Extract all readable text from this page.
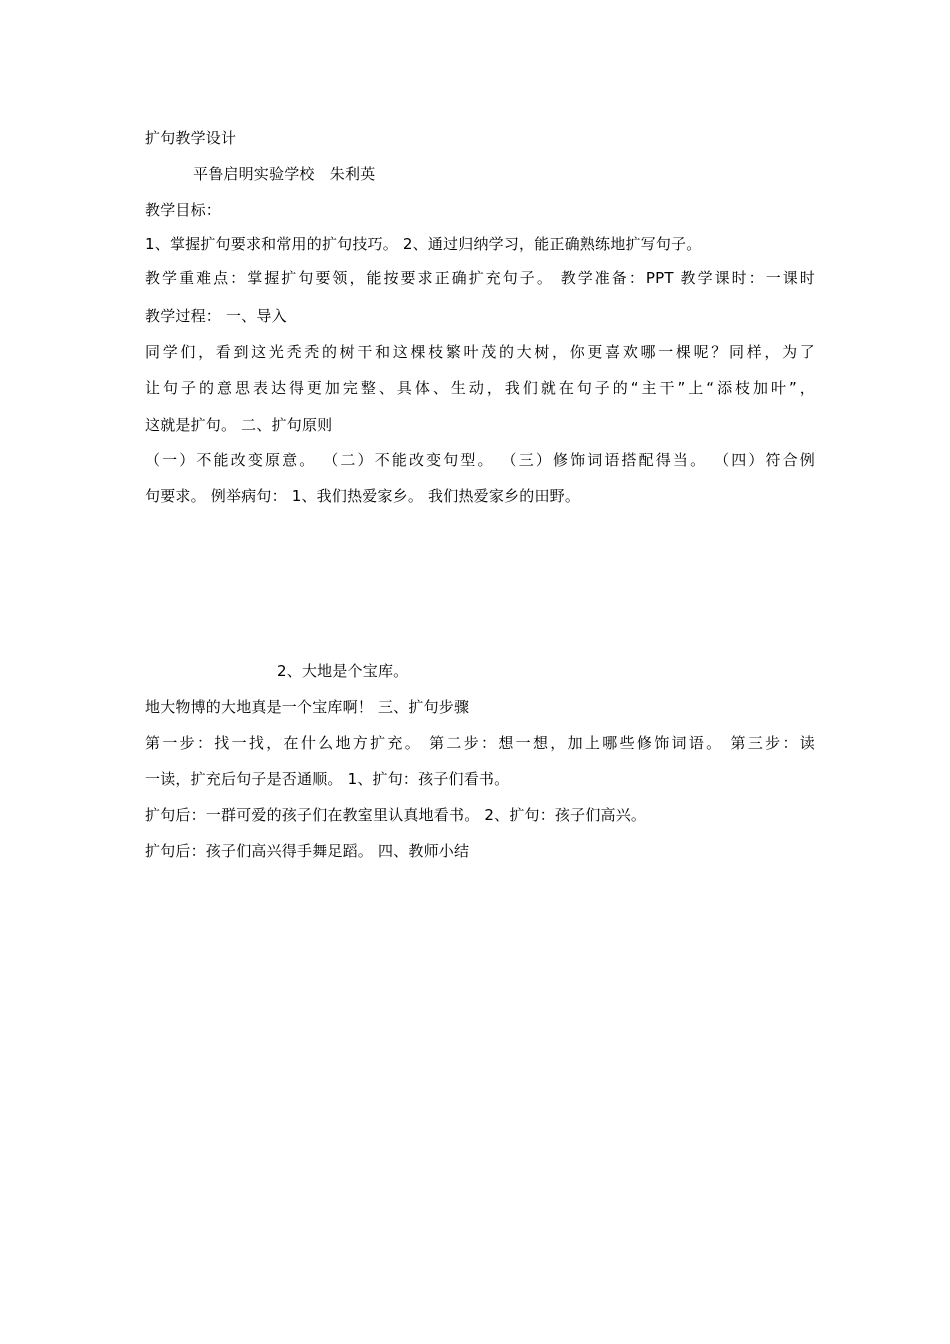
扩句教学设计
平鲁启明实验学校　朱利英
教学目标：
1、掌握扩句要求和常用的扩句技巧。 2、通过归纳学习，能正确熟练地扩写句子。
教学重难点：掌握扩句要领，能按要求正确扩充句子。 教学准备：PPT 教学课时：一课时
教学过程： 一、导入
同学们，看到这光秃秃的树干和这棵枝繁叶茂的大树，你更喜欢哪一棵呢？同样，为了
让句子的意思表达得更加完整、具体、生动，我们就在句子的“主干”上“添枝加叶”，
这就是扩句。 二、扩句原则
（一）不能改变原意。 （二）不能改变句型。 （三）修饰词语搭配得当。 （四）符合例
句要求。 例举病句： 1、我们热爱家乡。 我们热爱家乡的田野。
2、大地是个宝库。
地大物博的大地真是一个宝库啊！ 三、扩句步骤
第一步：找一找，在什么地方扩充。 第二步：想一想，加上哪些修饰词语。 第三步：读
一读，扩充后句子是否通顺。 1、扩句：孩子们看书。
扩句后：一群可爱的孩子们在教室里认真地看书。 2、扩句：孩子们高兴。
扩句后：孩子们高兴得手舞足蹈。 四、教师小结
